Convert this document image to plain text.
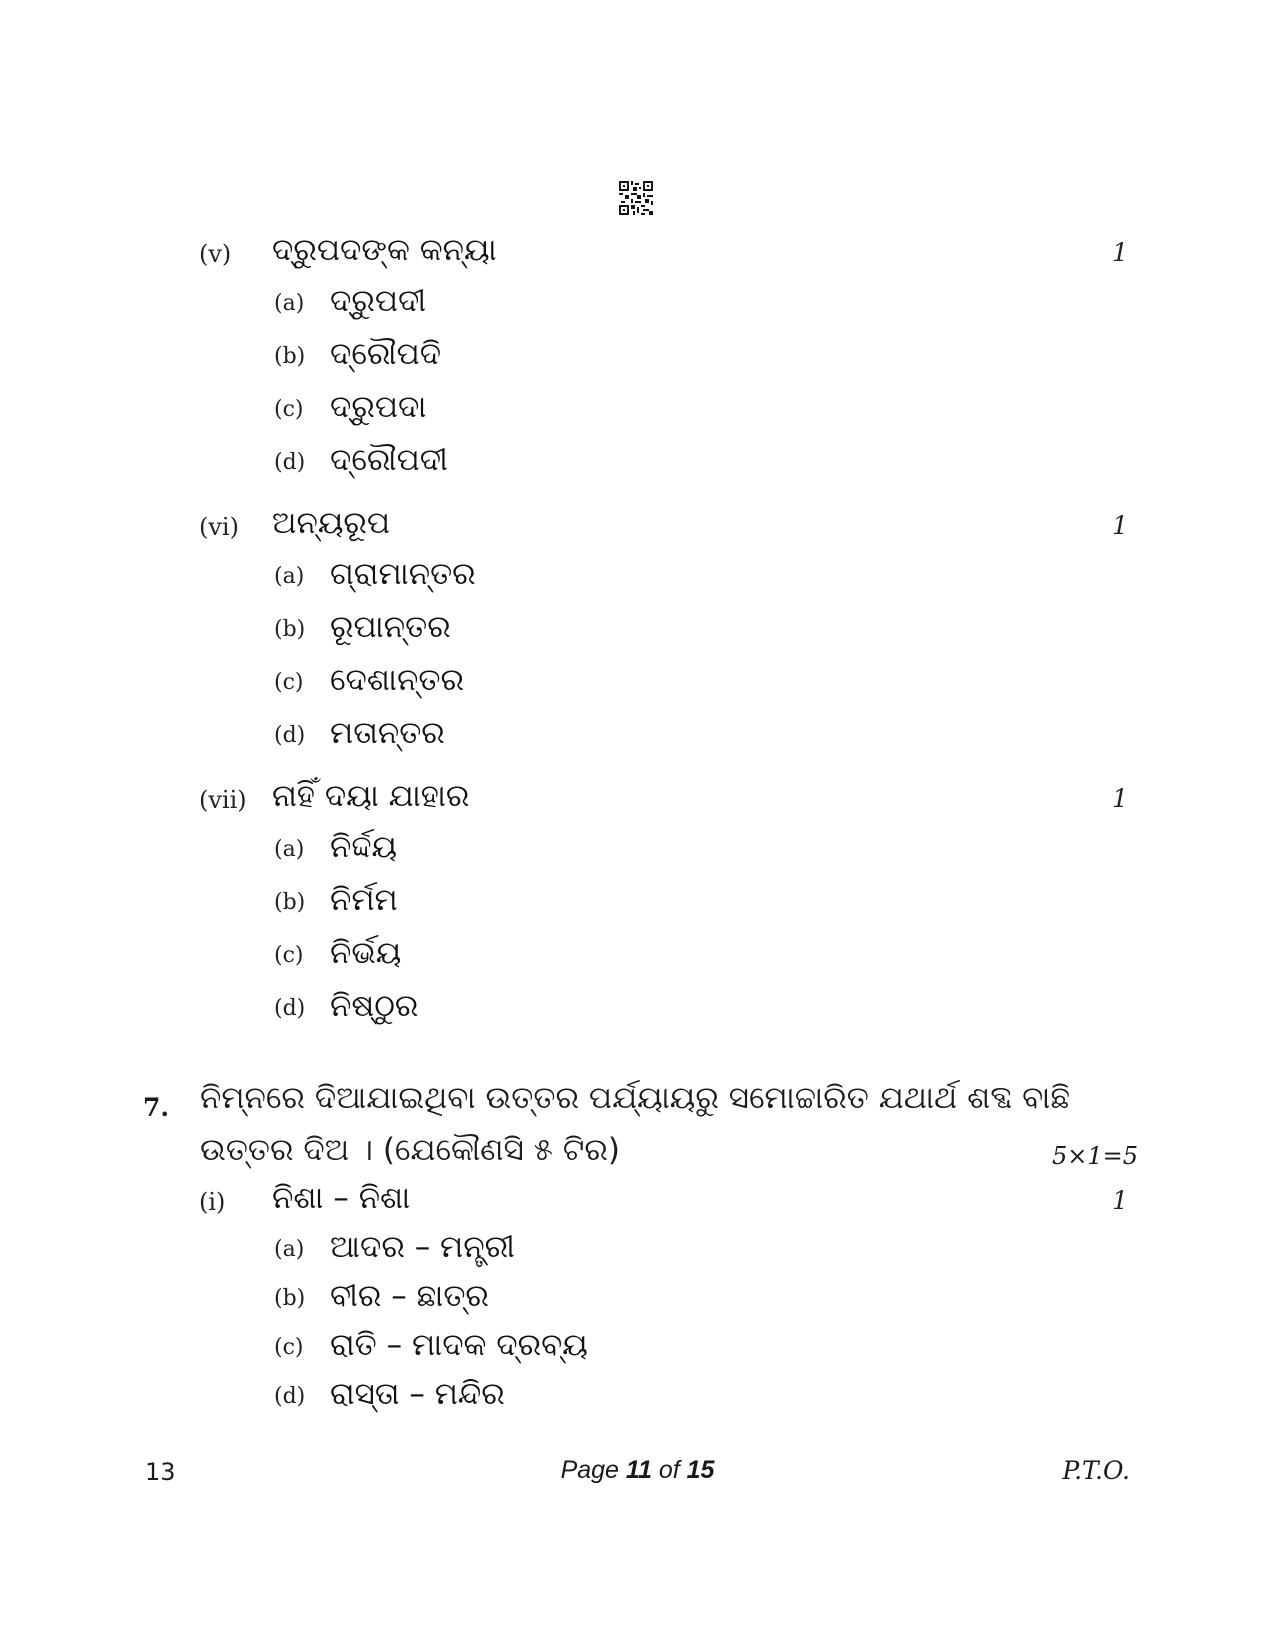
(v) ଦ୍ରୁପଦଙ୍କ କନ୍ୟା	1
(a) ଦ୍ରୁପଦୀ
(b) ଦ୍ରୌପଦି
(c) ଦ୍ରୁପଦା
(d) ଦ୍ରୌପଦୀ
(vi) ଅନ୍ୟରୂପ	1
(a) ଗ୍ରାମାନ୍ତର
(b) ରୂପାନ୍ତର
(c) ଦେଶାନ୍ତର
(d) ମତାନ୍ତର
(vii) ନାହିଁ ଦୟା ଯାହାର	1
(a) ନିର୍ଦ୍ଦୟ
(b) ନିର୍ମମ
(c) ନିର୍ଭୟ
(d) ନିଷ୍ଠୁର
7. ନିମ୍ନରେ ଦିଆଯାଇଥିବା ଉତ୍ତର ପର୍ଯ୍ୟାୟରୁ ସମୋଚ୍ଚାରିତ ଯଥାର୍ଥ ଶବ୍ଦ ବାଛି
ଉତ୍ତର ଦିଅ । (ଯେକୌଣସି ୫ ଟିର)	5×1=5
(i) ନିଶା – ନିଶା	1
(a) ଆଦର – ମନ୍ତ୍ରୀ
(b) ବୀର – ଛାତ୍ର
(c) ରାତି – ମାଦକ ଦ୍ରବ୍ୟ
(d) ରାସ୍ତା – ମନ୍ଦିର
13	Page 11 of 15	P.T.O.
